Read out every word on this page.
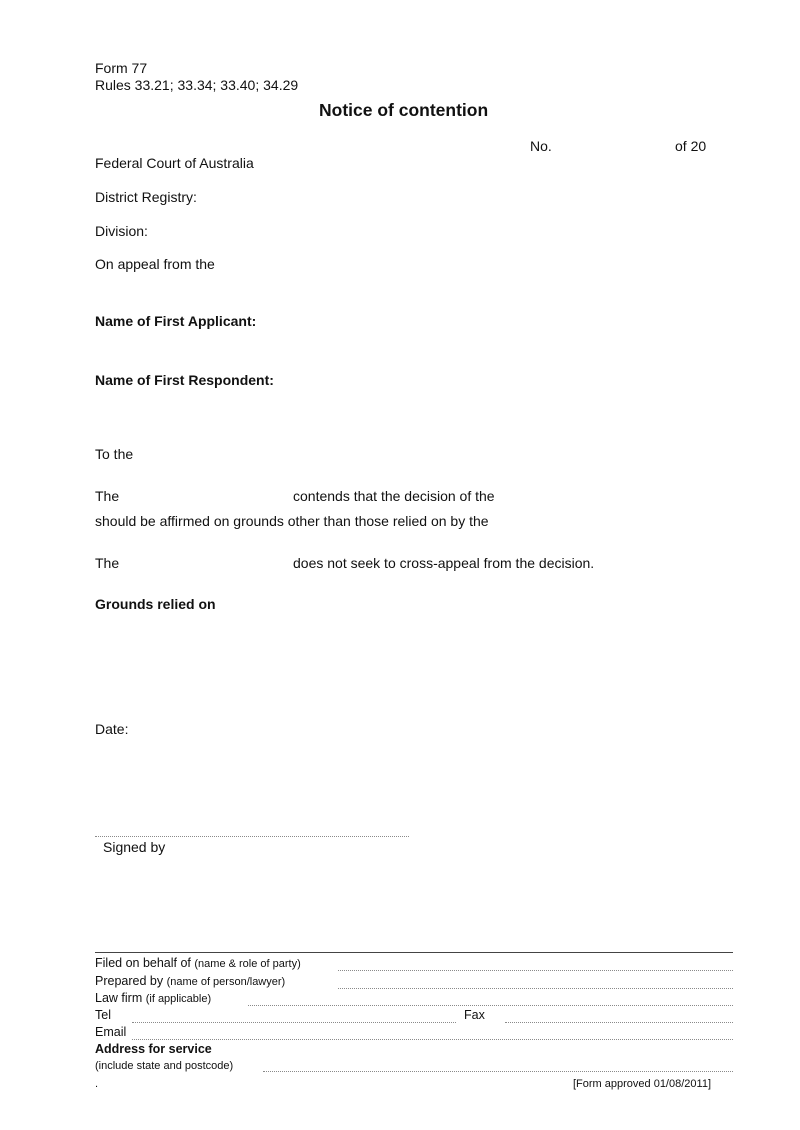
Form 77
Rules 33.21; 33.34; 33.40; 34.29
Notice of contention
No.	of 20
Federal Court of Australia
District Registry:
Division:
On appeal from the
Name of First Applicant:
Name of First Respondent:
To the
The	contends that the decision of the
should be affirmed on grounds other than those relied on by the
The	does not seek to cross-appeal from the decision.
Grounds relied on
Date:
Signed by
Filed on behalf of (name & role of party)
Prepared by (name of person/lawyer)
Law firm (if applicable)
Tel	Fax
Email
Address for service
(include state and postcode)
.	[Form approved 01/08/2011]
